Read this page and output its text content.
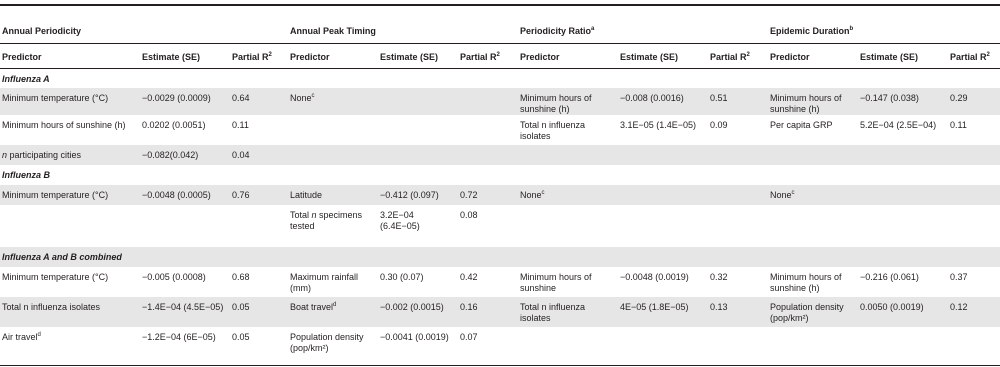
Annual Periodicity			Annual Peak Timing			Periodicity Ratio$^a$			Epidemic Duration$^b$
Predictor	Estimate (SE)	Partial $R^2$	Predictor	Estimate (SE)	Partial $R^2$	Predictor	Estimate (SE)	Partial $R^2$	Predictor	Estimate (SE)	Partial $R^2$
Influenza A											
Minimum temperature (°C)	−0.0029 (0.0009)	0.64	None$^c$			Minimum hours of sunshine (h)	−0.008 (0.0016)	0.51	Minimum hours of sunshine (h)	−0.147 (0.038)	0.29
Minimum hours of sunshine (h)	0.0202 (0.0051)	0.11				Total n influenza isolates	3.1E−05 (1.4E−05)	0.09	Per capita GRP	5.2E−04 (2.5E−04)	0.11
n participating cities	−0.082(0.042)	0.04									
Influenza B											
Minimum temperature (°C)	−0.0048 (0.0005)	0.76	Latitude	−0.412 (0.097)	0.72	None$^c$			None$^c$		
			Total n specimens tested	3.2E−04 (6.4E−05)	0.08						
Influenza A and B combined											
Minimum temperature (°C)	−0.005 (0.0008)	0.68	Maximum rainfall (mm)	0.30 (0.07)	0.42	Minimum hours of sunshine	−0.0048 (0.0019)	0.32	Minimum hours of sunshine (h)	−0.216 (0.061)	0.37
Total n influenza isolates	−1.4E−04 (4.5E−05)	0.05	Boat travel$^d$	−0.002 (0.0015)	0.16	Total n influenza isolates	4E−05 (1.8E−05)	0.13	Population density (pop/km²)	0.0050 (0.0019)	0.12
Air travel$^d$	−1.2E−04 (6E−05)	0.05	Population density (pop/km²)	−0.0041 (0.0019)	0.07						
